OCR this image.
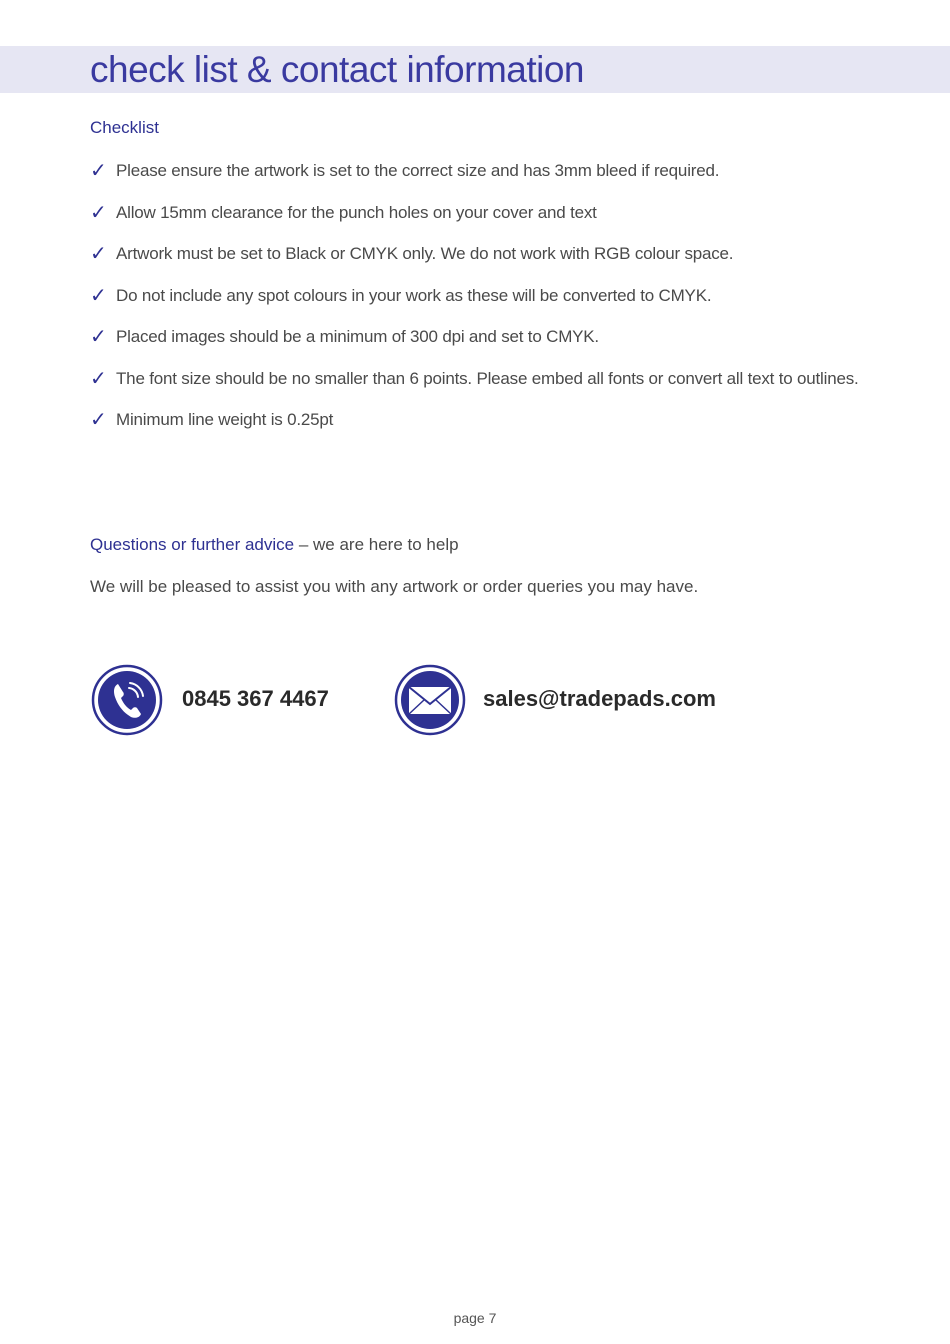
check list & contact information
Checklist
✓ Please ensure the artwork is set to the correct size and has 3mm bleed if required.
✓ Allow 15mm clearance for the punch holes on your cover and text
✓ Artwork must be set to Black or CMYK only. We do not work with RGB colour space.
✓ Do not include any spot colours in your work as these will be converted to CMYK.
✓ Placed images should be a minimum of 300 dpi and set to CMYK.
✓ The font size should be no smaller than 6 points. Please embed all fonts or convert all text to outlines.
✓ Minimum line weight is 0.25pt
Questions or further advice – we are here to help

We will be pleased to assist you with any artwork or order queries you may have.

0845 367 4467	sales@tradepads.com
page 7
